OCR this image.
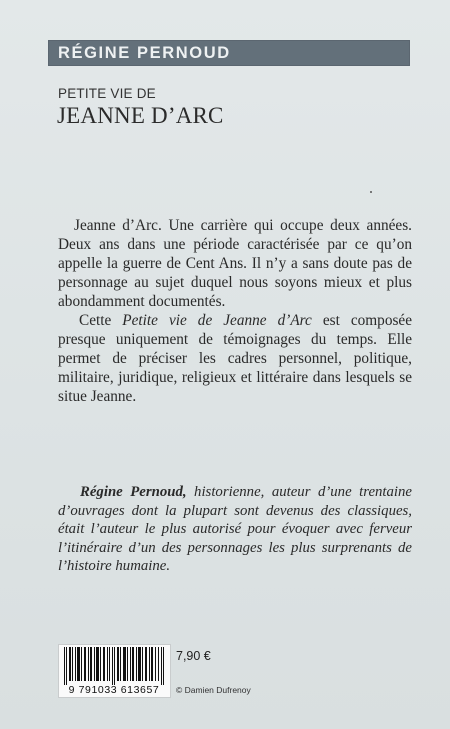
RÉGINE PERNOUD
PETITE VIE DE
JEANNE D’ARC

Jeanne d’Arc. Une carrière qui occupe deux années. Deux ans dans une période caractérisée par ce qu’on appelle la guerre de Cent Ans. Il n’y a sans doute pas de personnage au sujet duquel nous soyons mieux et plus abondamment documentés.

Cette Petite vie de Jeanne d’Arc est composée presque uniquement de témoignages du temps. Elle permet de préciser les cadres personnel, politique, militaire, juridique, religieux et littéraire dans lesquels se situe Jeanne.

Régine Pernoud, historienne, auteur d’une trentaine d’ouvrages dont la plupart sont devenus des classiques, était l’auteur le plus autorisé pour évoquer avec ferveur l’itinéraire d’un des personnages les plus surprenants de l’histoire humaine.
9 791033 613657
7,90 €
© Damien Dufrenoy
